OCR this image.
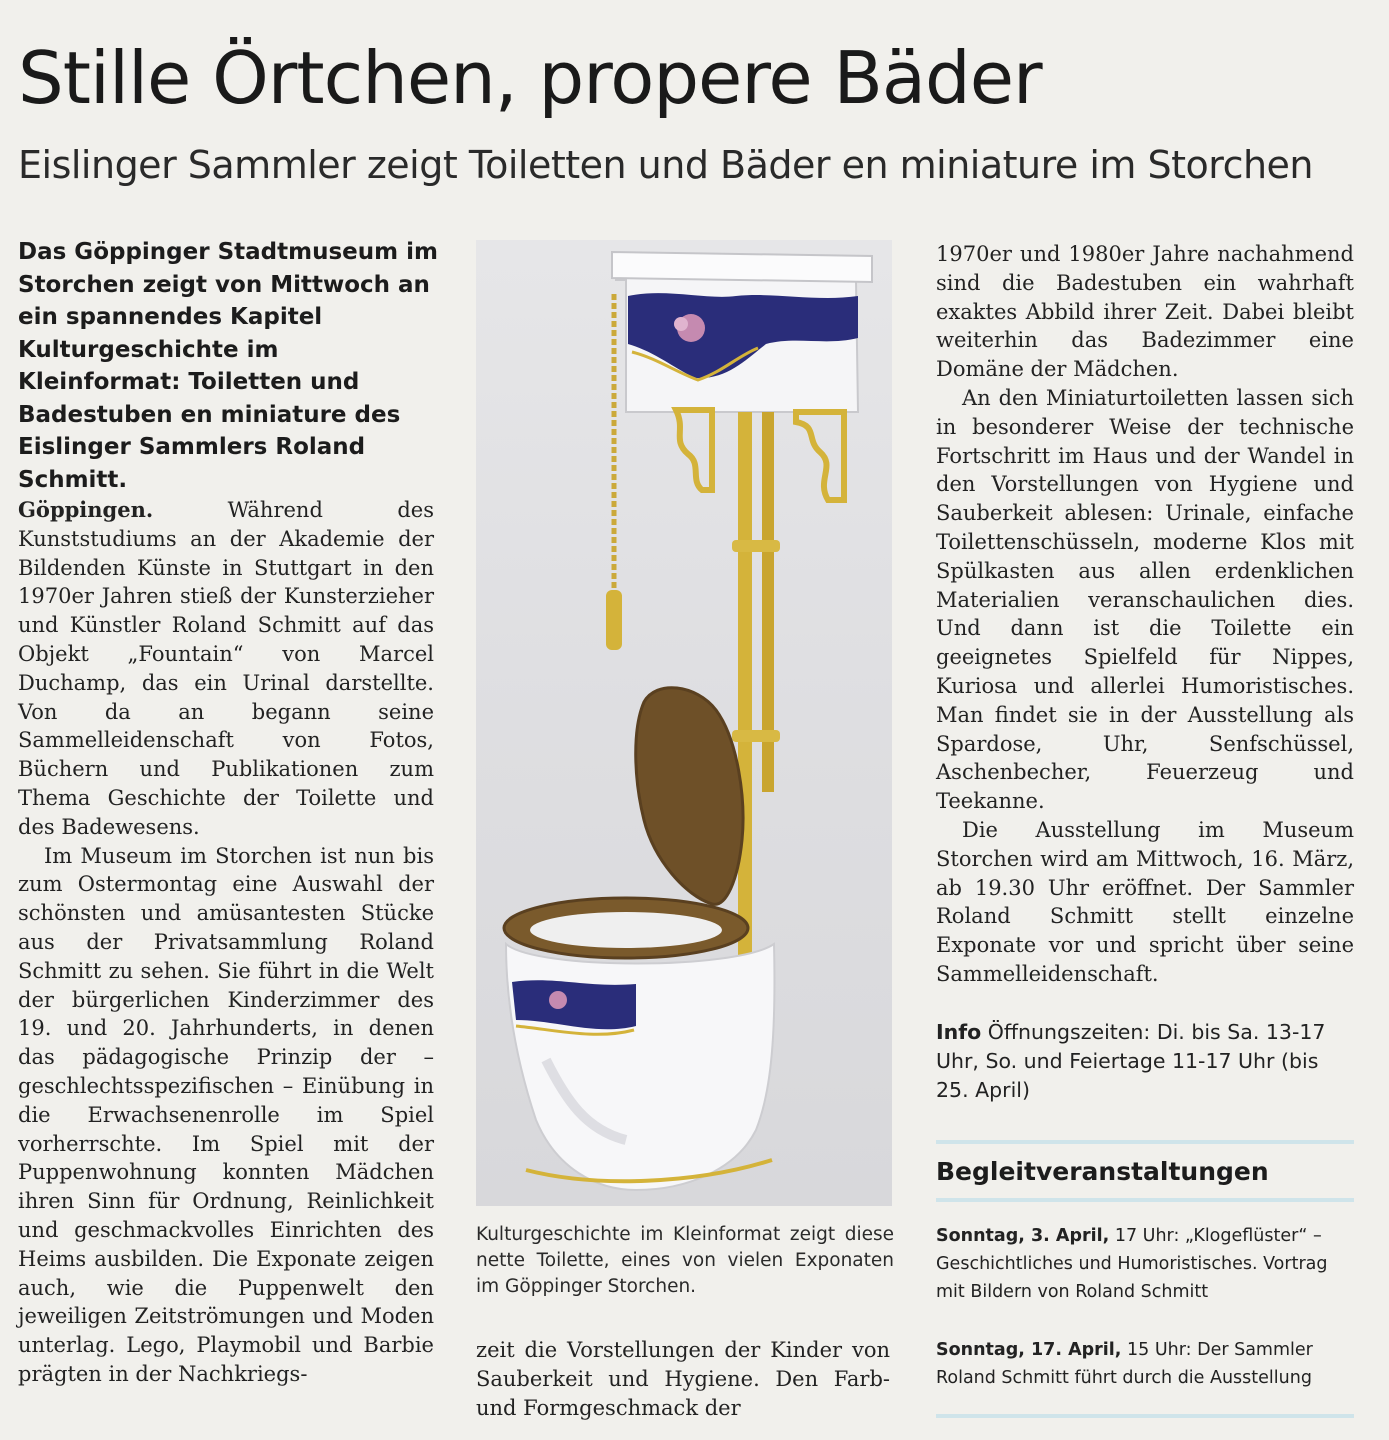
Stille Örtchen, propere Bäder
Eislinger Sammler zeigt Toiletten und Bäder en miniature im Storchen

Das Göppinger Stadtmuseum im Storchen zeigt von Mittwoch an ein spannendes Kapitel Kulturgeschichte im Kleinformat: Toiletten und Badestuben en miniature des Eislinger Sammlers Roland Schmitt.

Göppingen.	Während des Kunststudiums an der Akademie der Bildenden Künste in Stuttgart in den 1970er Jahren stieß der Kunsterzieher und Künstler Roland Schmitt auf das Objekt „Fountain“ von Marcel Duchamp, das ein Urinal darstellte. Von da an begann seine Sammelleidenschaft von Fotos, Büchern und Publikationen zum Thema Geschichte der Toilette und des Badewesens.

Im Museum im Storchen ist nun bis zum Ostermontag eine Auswahl der schönsten und amüsantesten Stücke aus der Privatsammlung Roland Schmitt zu sehen. Sie führt in die Welt der bürgerlichen Kinderzimmer des 19. und 20. Jahrhunderts, in denen das pädagogische Prinzip der – geschlechtsspezifischen – Einübung in die Erwachsenenrolle im Spiel vorherrschte. Im Spiel mit der Puppenwohnung konnten Mädchen ihren Sinn für Ordnung, Reinlichkeit und geschmackvolles Einrichten des Heims ausbilden. Die Exponate zeigen auch, wie die Puppenwelt den jeweiligen Zeitströmungen und Moden unterlag. Lego, Playmobil und Barbie prägten in der Nachkriegs-

Kulturgeschichte im Kleinformat zeigt diese nette Toilette, eines von vielen Exponaten im Göppinger Storchen.

zeit die Vorstellungen der Kinder von Sauberkeit und Hygiene. Den Farb- und Formgeschmack der

1970er und 1980er Jahre nachahmend sind die Badestuben ein wahrhaft exaktes Abbild ihrer Zeit. Dabei bleibt weiterhin das Badezimmer eine Domäne der Mädchen.

An den Miniaturtoiletten lassen sich in besonderer Weise der technische Fortschritt im Haus und der Wandel in den Vorstellungen von Hygiene und Sauberkeit ablesen: Urinale, einfache Toilettenschüsseln, moderne Klos mit Spülkasten aus allen erdenklichen Materialien veranschaulichen dies. Und dann ist die Toilette ein geeignetes Spielfeld für Nippes, Kuriosa und allerlei Humoristisches. Man findet sie in der Ausstellung als Spardose, Uhr, Senfschüssel, Aschenbecher, Feuerzeug und Teekanne.

Die Ausstellung im Museum Storchen wird am Mittwoch, 16. März, ab 19.30 Uhr eröffnet. Der Sammler Roland Schmitt stellt einzelne Exponate vor und spricht über seine Sammelleidenschaft.

Info Öffnungszeiten: Di. bis Sa. 13-17 Uhr, So. und Feiertage 11-17 Uhr (bis 25. April)

Begleitveranstaltungen

Sonntag, 3. April, 17 Uhr: „Klogeflüster“ – Geschichtliches und Humoristisches. Vortrag mit Bildern von Roland Schmitt

Sonntag, 17. April, 15 Uhr: Der Sammler Roland Schmitt führt durch die Ausstellung
